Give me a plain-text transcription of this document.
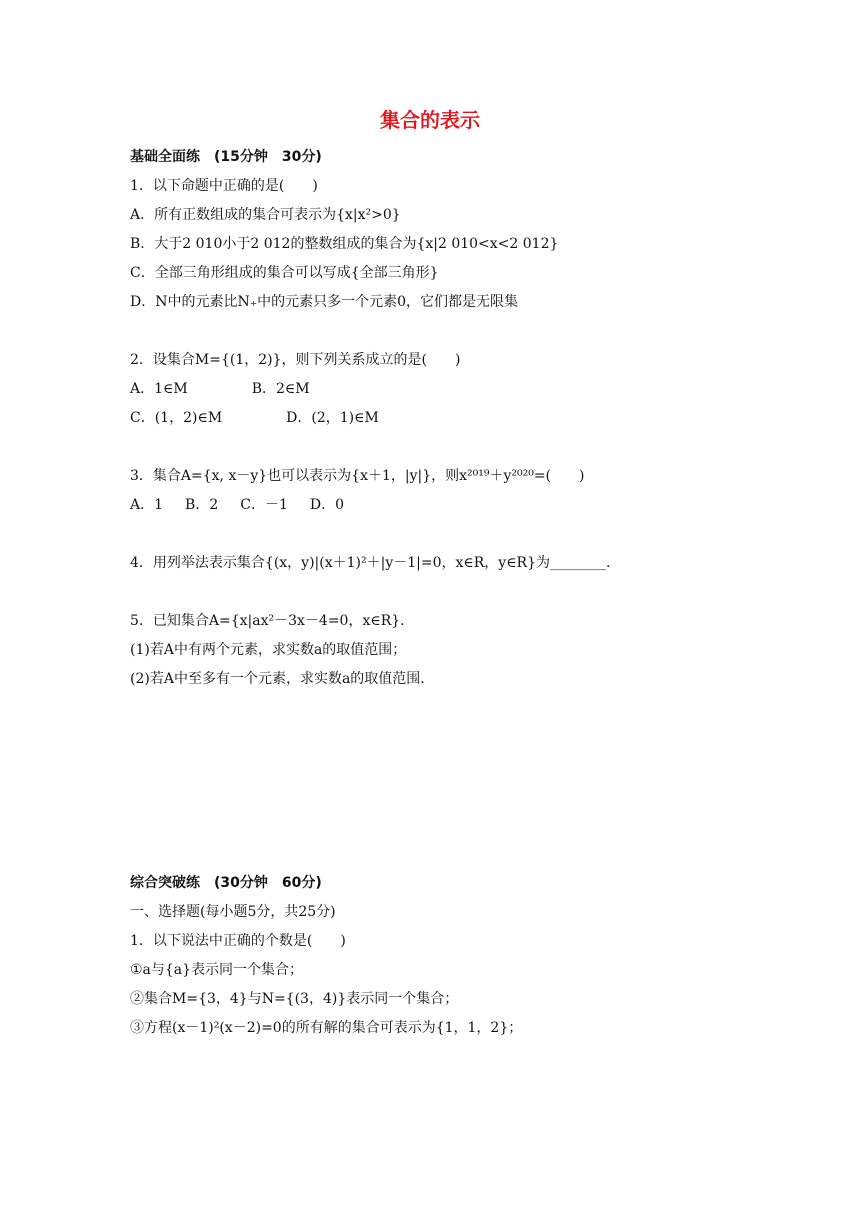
集合的表示
基础全面练　(15分钟　30分)
1．以下命题中正确的是(　　)
A．所有正数组成的集合可表示为{x|x²>0}
B．大于2 010小于2 012的整数组成的集合为{x|2 010<x<2 012}
C．全部三角形组成的集合可以写成{全部三角形}
D．N中的元素比N₊中的元素只多一个元素0，它们都是无限集
2．设集合M={(1，2)}，则下列关系成立的是(　　)
A．1∈M	B．2∈M
C．(1，2)∈M	D．(2，1)∈M
3．集合A={x, x－y}也可以表示为{x＋1，|y|}，则x²⁰¹⁹＋y²⁰²⁰=(　　)
A．1 B．2 C．－1 D．0
4．用列举法表示集合{(x，y)|(x＋1)²＋|y－1|=0，x∈R，y∈R}为________.
5．已知集合A={x|ax²－3x－4=0，x∈R}.
(1)若A中有两个元素，求实数a的取值范围；
(2)若A中至多有一个元素，求实数a的取值范围.
综合突破练　(30分钟　60分)
一、选择题(每小题5分，共25分)
1．以下说法中正确的个数是(　　)
①a与{a}表示同一个集合；
②集合M={3，4}与N={(3，4)}表示同一个集合；
③方程(x－1)²(x－2)=0的所有解的集合可表示为{1，1，2}；
